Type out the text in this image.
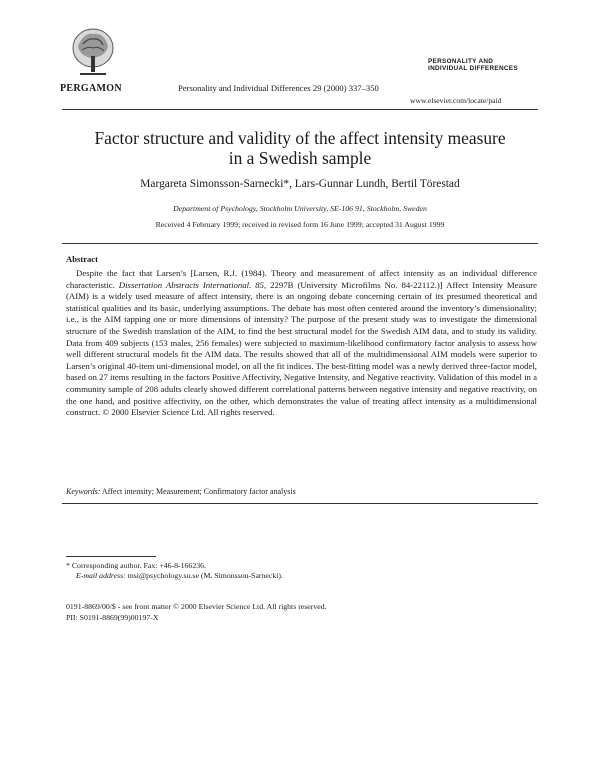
PERGAMON	Personality and Individual Differences 29 (2000) 337–350
PERSONALITY AND
INDIVIDUAL DIFFERENCES
www.elsevier.com/locate/paid
Factor structure and validity of the affect intensity measure
in a Swedish sample
Margareta Simonsson-Sarnecki*, Lars-Gunnar Lundh, Bertil Törestad
Department of Psychology, Stockholm University, SE-106 91, Stockholm, Sweden
Received 4 February 1999; received in revised form 16 June 1999; accepted 31 August 1999
Abstract
Despite the fact that Larsen’s [Larsen, R.J. (1984). Theory and measurement of affect intensity as an individual difference characteristic. Dissertation Abstracts International. 85, 2297B (University Microfilms No. 84-22112.)] Affect Intensity Measure (AIM) is a widely used measure of affect intensity, there is an ongoing debate concerning certain of its presumed theoretical and statistical qualities and its basic, underlying assumptions. The debate has most often centered around the inventory’s dimensionality; i.e., is the AIM tapping one or more dimensions of intensity? The purpose of the present study was to investigate the dimensional structure of the Swedish translation of the AIM, to find the best structural model for the Swedish AIM data, and to study its validity. Data from 409 subjects (153 males, 256 females) were subjected to maximum-likelihood confirmatory factor analysis to assess how well different structural models fit the AIM data. The results showed that all of the multidimensional AIM models were superior to Larsen’s original 40-item uni-dimensional model, on all the fit indices. The best-fitting model was a newly derived three-factor model, based on 27 items resulting in the factors Positive Affectivity, Negative Intensity, and Negative reactivity. Validation of this model in a community sample of 208 adults clearly showed different correlational patterns between negative intensity and negative reactivity, on the one hand, and positive affectivity, on the other, which demonstrates the value of treating affect intensity as a multidimensional construct. © 2000 Elsevier Science Ltd. All rights reserved.
Keywords: Affect intensity; Measurement; Confirmatory factor analysis
* Corresponding author. Fax: +46-8-166236.
E-mail address: msi@psychology.su.se (M. Simonsson-Sarnecki).
0191-8869/00/$ - see front matter © 2000 Elsevier Science Ltd. All rights reserved.
PII: S0191-8869(99)00197-X
